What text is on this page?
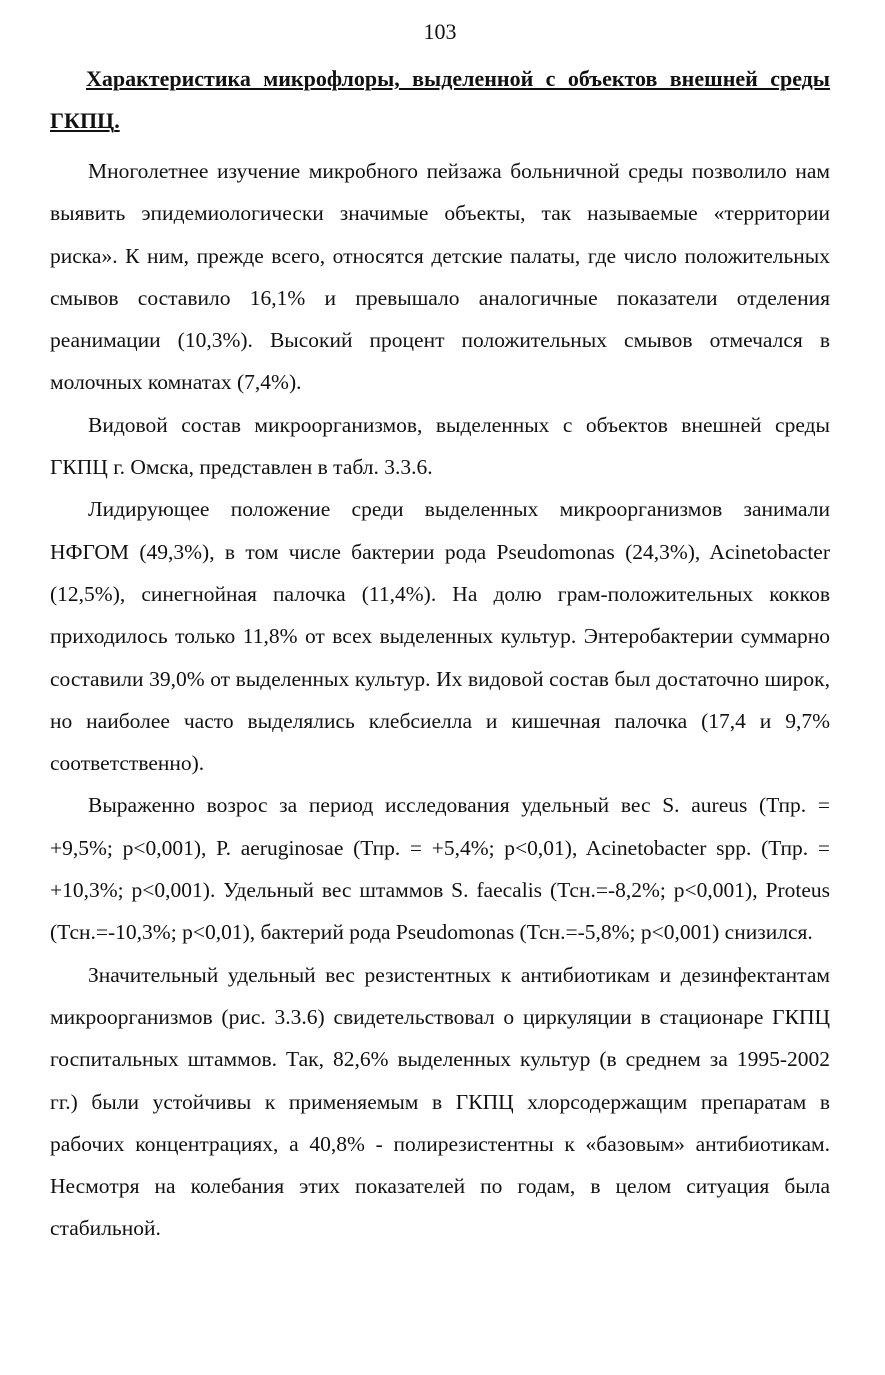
103
Характеристика микрофлоры, выделенной с объектов внешней среды ГКПЦ.

Многолетнее изучение микробного пейзажа больничной среды позволило нам выявить эпидемиологически значимые объекты, так называемые «территории риска». К ним, прежде всего, относятся детские палаты, где число положительных смывов составило 16,1% и превышало аналогичные показатели отделения реанимации (10,3%). Высокий процент положительных смывов отмечался в молочных комнатах (7,4%).

Видовой состав микроорганизмов, выделенных с объектов внешней среды ГКПЦ г. Омска, представлен в табл. 3.3.6.

Лидирующее положение среди выделенных микроорганизмов занимали НФГОМ (49,3%), в том числе бактерии рода Pseudomonas (24,3%), Acinetobacter (12,5%), синегнойная палочка (11,4%). На долю грам-положительных кокков приходилось только 11,8% от всех выделенных культур. Энтеробактерии суммарно составили 39,0% от выделенных культур. Их видовой состав был достаточно широк, но наиболее часто выделялись клебсиелла и кишечная палочка (17,4 и 9,7% соответственно).

Выраженно возрос за период исследования удельный вес S. aureus (Тпр. = +9,5%; p<0,001), P. aeruginosae (Тпр. = +5,4%; p<0,01), Acinetobacter spp. (Тпр. = +10,3%; p<0,001). Удельный вес штаммов S. faecalis (Тсн.=-8,2%; p<0,001), Proteus (Тсн.=-10,3%; p<0,01), бактерий рода Pseudomonas (Тсн.=-5,8%; p<0,001) снизился.

Значительный удельный вес резистентных к антибиотикам и дезинфектантам микроорганизмов (рис. 3.3.6) свидетельствовал о циркуляции в стационаре ГКПЦ госпитальных штаммов. Так, 82,6% выделенных культур (в среднем за 1995-2002 гг.) были устойчивы к применяемым в ГКПЦ хлорсодержащим препаратам в рабочих концентрациях, а 40,8% - полирезистентны к «базовым» антибиотикам. Несмотря на колебания этих показателей по годам, в целом ситуация была стабильной.
